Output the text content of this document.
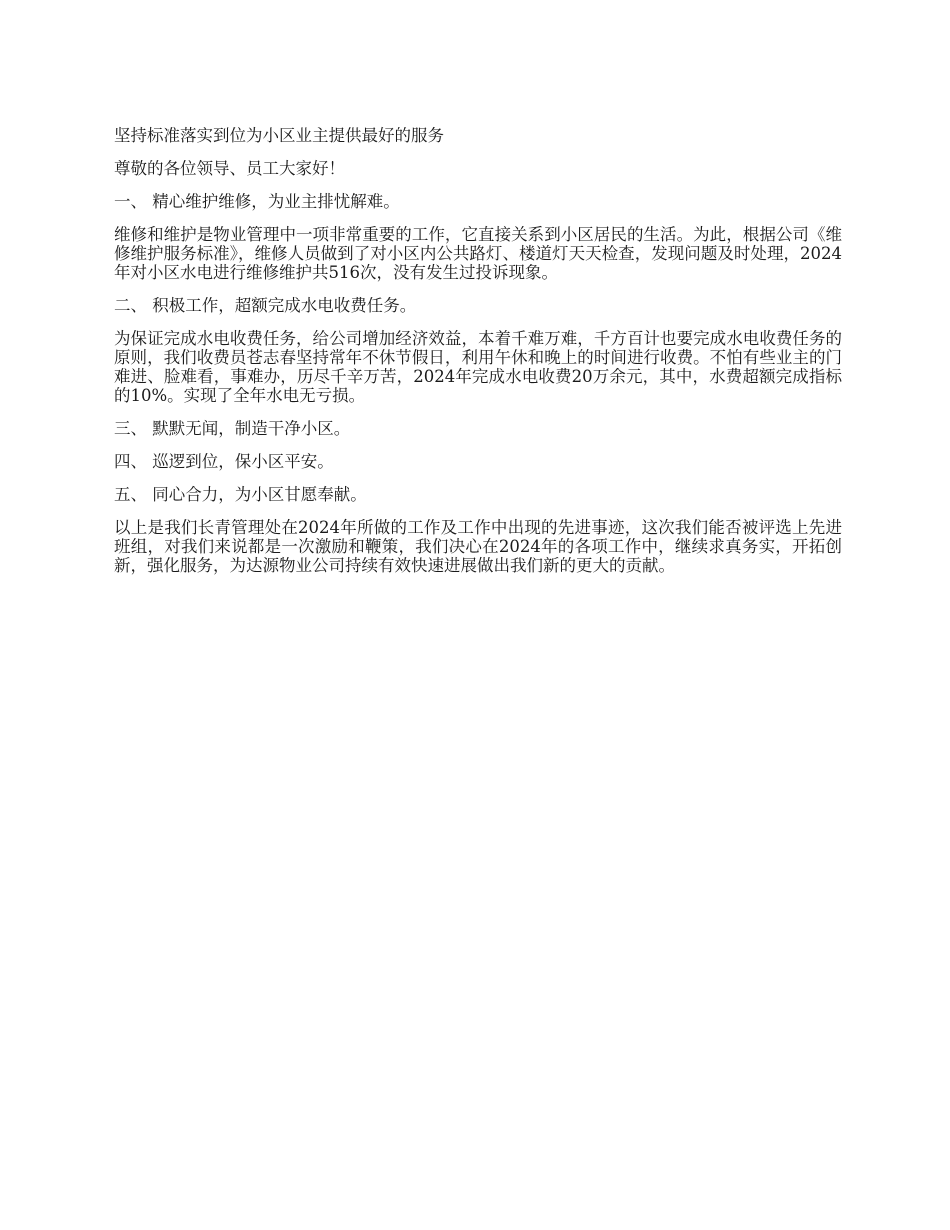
坚持标准落实到位为小区业主提供最好的服务

尊敬的各位领导、员工大家好！

一、 精心维护维修，为业主排忧解难。

维修和维护是物业管理中一项非常重要的工作，它直接关系到小区居民的生活。为此，根据公司《维修维护服务标准》，维修人员做到了对小区内公共路灯、楼道灯天天检查，发现问题及时处理，2024年对小区水电进行维修维护共516次，没有发生过投诉现象。

二、 积极工作，超额完成水电收费任务。

为保证完成水电收费任务，给公司增加经济效益，本着千难万难，千方百计也要完成水电收费任务的原则，我们收费员苍志春坚持常年不休节假日，利用午休和晚上的时间进行收费。不怕有些业主的门难进、脸难看，事难办，历尽千辛万苦，2024年完成水电收费20万余元，其中，水费超额完成指标的10%。实现了全年水电无亏损。

三、 默默无闻，制造干净小区。

四、 巡逻到位，保小区平安。

五、 同心合力，为小区甘愿奉献。

以上是我们长青管理处在2024年所做的工作及工作中出现的先进事迹，这次我们能否被评选上先进班组，对我们来说都是一次激励和鞭策，我们决心在2024年的各项工作中，继续求真务实，开拓创新，强化服务，为达源物业公司持续有效快速进展做出我们新的更大的贡献。
